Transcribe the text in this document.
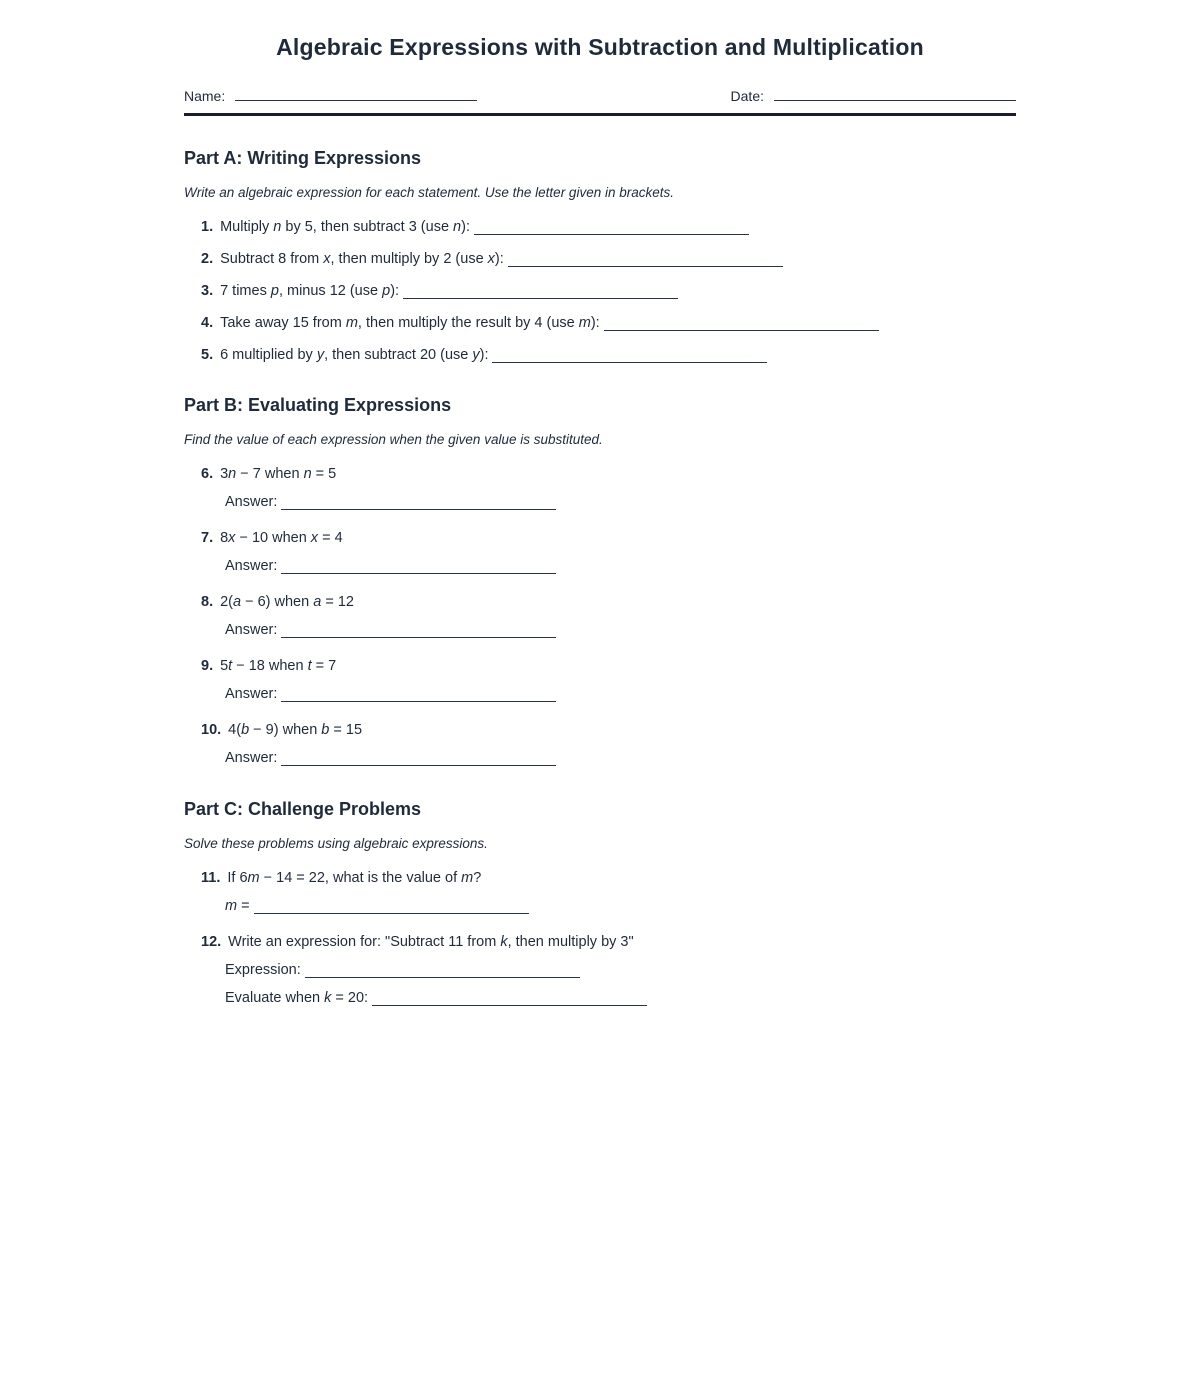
Algebraic Expressions with Subtraction and Multiplication
Name:	Date:
Part A: Writing Expressions
Write an algebraic expression for each statement. Use the letter given in brackets.
1. Multiply n by 5, then subtract 3 (use n):
2. Subtract 8 from x, then multiply by 2 (use x):
3. 7 times p, minus 12 (use p):
4. Take away 15 from m, then multiply the result by 4 (use m):
5. 6 multiplied by y, then subtract 20 (use y):
Part B: Evaluating Expressions
Find the value of each expression when the given value is substituted.
6. 3n − 7 when n = 5
Answer:
7. 8x − 10 when x = 4
Answer:
8. 2(a − 6) when a = 12
Answer:
9. 5t − 18 when t = 7
Answer:
10. 4(b − 9) when b = 15
Answer:
Part C: Challenge Problems
Solve these problems using algebraic expressions.
11. If 6m − 14 = 22, what is the value of m?
m =
12. Write an expression for: "Subtract 11 from k, then multiply by 3"
Expression:
Evaluate when k = 20:
